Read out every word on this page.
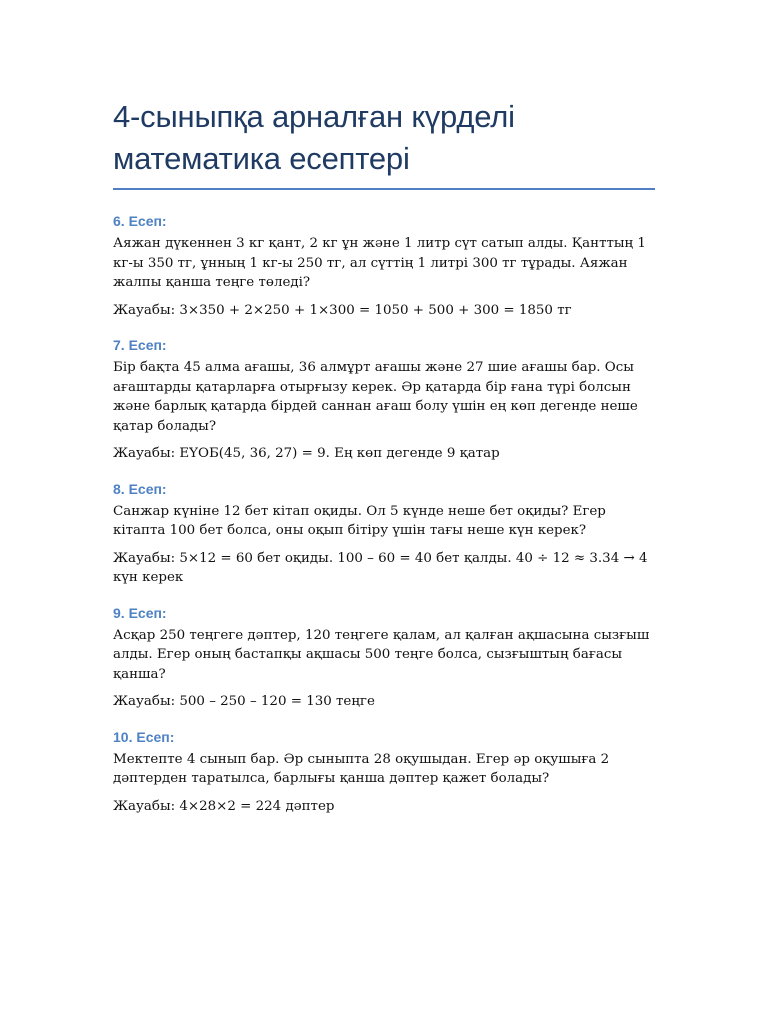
4-сыныпқа арналған күрделі
математика есептері

6. Есеп:

Аяжан дүкеннен 3 кг қант, 2 кг ұн және 1 литр сүт сатып алды. Қанттың 1 кг-ы 350 тг, ұнның 1 кг-ы 250 тг, ал сүттің 1 литрі 300 тг тұрады. Аяжан жалпы қанша теңге төледі?

Жауабы: 3×350 + 2×250 + 1×300 = 1050 + 500 + 300 = 1850 тг

7. Есеп:

Бір бақта 45 алма ағашы, 36 алмұрт ағашы және 27 шие ағашы бар. Осы ағаштарды қатарларға отырғызу керек. Әр қатарда бір ғана түрі болсын және барлық қатарда бірдей саннан ағаш болу үшін ең көп дегенде неше қатар болады?

Жауабы: ЕҮОБ(45, 36, 27) = 9. Ең көп дегенде 9 қатар

8. Есеп:

Санжар күніне 12 бет кітап оқиды. Ол 5 күнде неше бет оқиды? Егер кітапта 100 бет болса, оны оқып бітіру үшін тағы неше күн керек?

Жауабы: 5×12 = 60 бет оқиды. 100 – 60 = 40 бет қалды. 40 ÷ 12 ≈ 3.34 → 4 күн керек

9. Есеп:

Асқар 250 теңгеге дәптер, 120 теңгеге қалам, ал қалған ақшасына сызғыш алды. Егер оның бастапқы ақшасы 500 теңге болса, сызғыштың бағасы қанша?

Жауабы: 500 – 250 – 120 = 130 теңге

10. Есеп:

Мектепте 4 сынып бар. Әр сыныпта 28 оқушыдан. Егер әр оқушыға 2 дәптерден таратылса, барлығы қанша дәптер қажет болады?

Жауабы: 4×28×2 = 224 дәптер
